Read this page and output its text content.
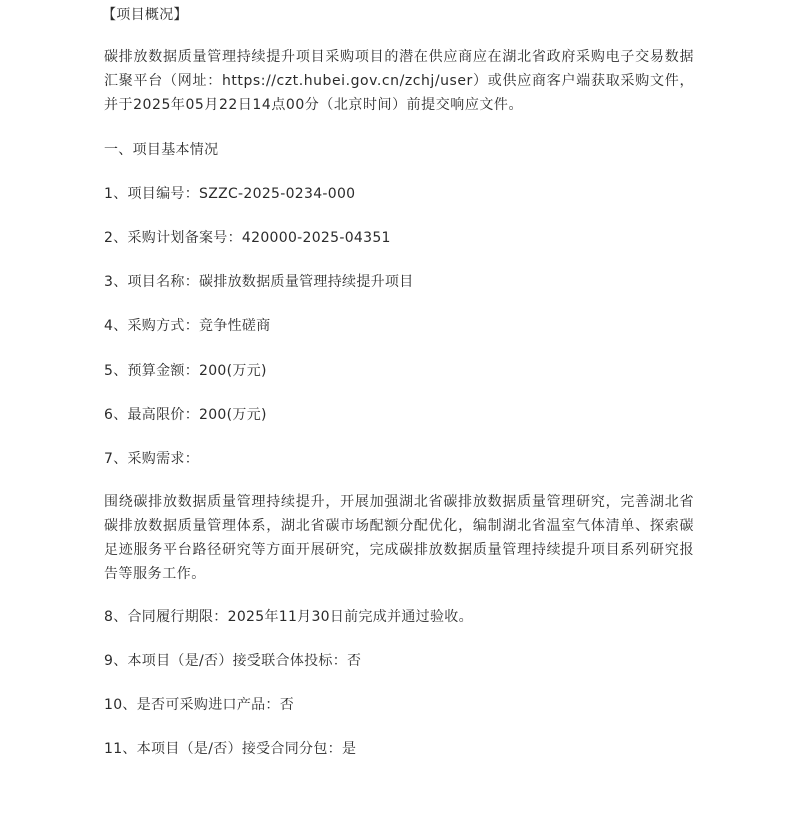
【项目概况】
碳排放数据质量管理持续提升项目采购项目的潜在供应商应在湖北省政府采购电子交易数据汇聚平台（网址：https://czt.hubei.gov.cn/zchj/user）或供应商客户端获取采购文件，并于2025年05月22日14点00分（北京时间）前提交响应文件。
一、项目基本情况
1、项目编号：SZZC-2025-0234-000
2、采购计划备案号：420000-2025-04351
3、项目名称：碳排放数据质量管理持续提升项目
4、采购方式：竞争性磋商
5、预算金额：200(万元)
6、最高限价：200(万元)
7、采购需求：
围绕碳排放数据质量管理持续提升，开展加强湖北省碳排放数据质量管理研究，完善湖北省碳排放数据质量管理体系，湖北省碳市场配额分配优化，编制湖北省温室气体清单、探索碳足迹服务平台路径研究等方面开展研究，完成碳排放数据质量管理持续提升项目系列研究报告等服务工作。
8、合同履行期限：2025年11月30日前完成并通过验收。
9、本项目（是/否）接受联合体投标：否
10、是否可采购进口产品：否
11、本项目（是/否）接受合同分包：是
